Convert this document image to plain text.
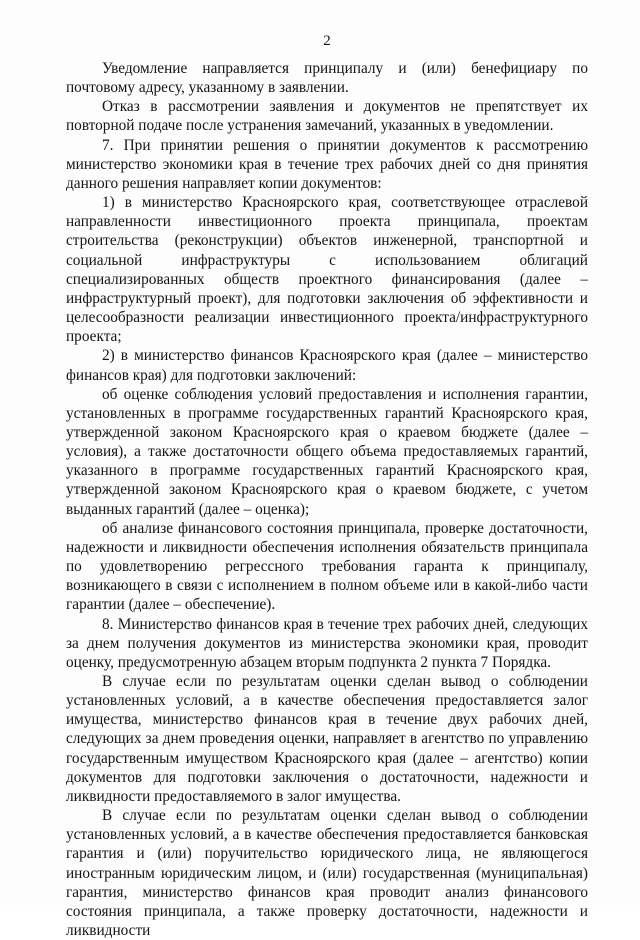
2

Уведомление направляется принципалу и (или) бенефициару по почтовому адресу, указанному в заявлении.

Отказ в рассмотрении заявления и документов не препятствует их повторной подаче после устранения замечаний, указанных в уведомлении.

7. При принятии решения о принятии документов к рассмотрению министерство экономики края в течение трех рабочих дней со дня принятия данного решения направляет копии документов:

1) в министерство Красноярского края, соответствующее отраслевой направленности инвестиционного проекта принципала, проектам строительства (реконструкции) объектов инженерной, транспортной и социальной инфраструктуры с использованием облигаций специализированных обществ проектного финансирования (далее – инфраструктурный проект), для подготовки заключения об эффективности и целесообразности реализации инвестиционного проекта/инфраструктурного проекта;

2) в министерство финансов Красноярского края (далее – министерство финансов края) для подготовки заключений:

об оценке соблюдения условий предоставления и исполнения гарантии, установленных в программе государственных гарантий Красноярского края, утвержденной законом Красноярского края о краевом бюджете (далее – условия), а также достаточности общего объема предоставляемых гарантий, указанного в программе государственных гарантий Красноярского края, утвержденной законом Красноярского края о краевом бюджете, с учетом выданных гарантий (далее – оценка);

об анализе финансового состояния принципала, проверке достаточности, надежности и ликвидности обеспечения исполнения обязательств принципала по удовлетворению регрессного требования гаранта к принципалу, возникающего в связи с исполнением в полном объеме или в какой-либо части гарантии (далее – обеспечение).

8. Министерство финансов края в течение трех рабочих дней, следующих за днем получения документов из министерства экономики края, проводит оценку, предусмотренную абзацем вторым подпункта 2 пункта 7 Порядка.

В случае если по результатам оценки сделан вывод о соблюдении установленных условий, а в качестве обеспечения предоставляется залог имущества, министерство финансов края в течение двух рабочих дней, следующих за днем проведения оценки, направляет в агентство по управлению государственным имуществом Красноярского края (далее – агентство) копии документов для подготовки заключения о достаточности, надежности и ликвидности предоставляемого в залог имущества.

В случае если по результатам оценки сделан вывод о соблюдении установленных условий, а в качестве обеспечения предоставляется банковская гарантия и (или) поручительство юридического лица, не являющегося иностранным юридическим лицом, и (или) государственная (муниципальная) гарантия, министерство финансов края проводит анализ финансового состояния принципала, а также проверку достаточности, надежности и ликвидности
